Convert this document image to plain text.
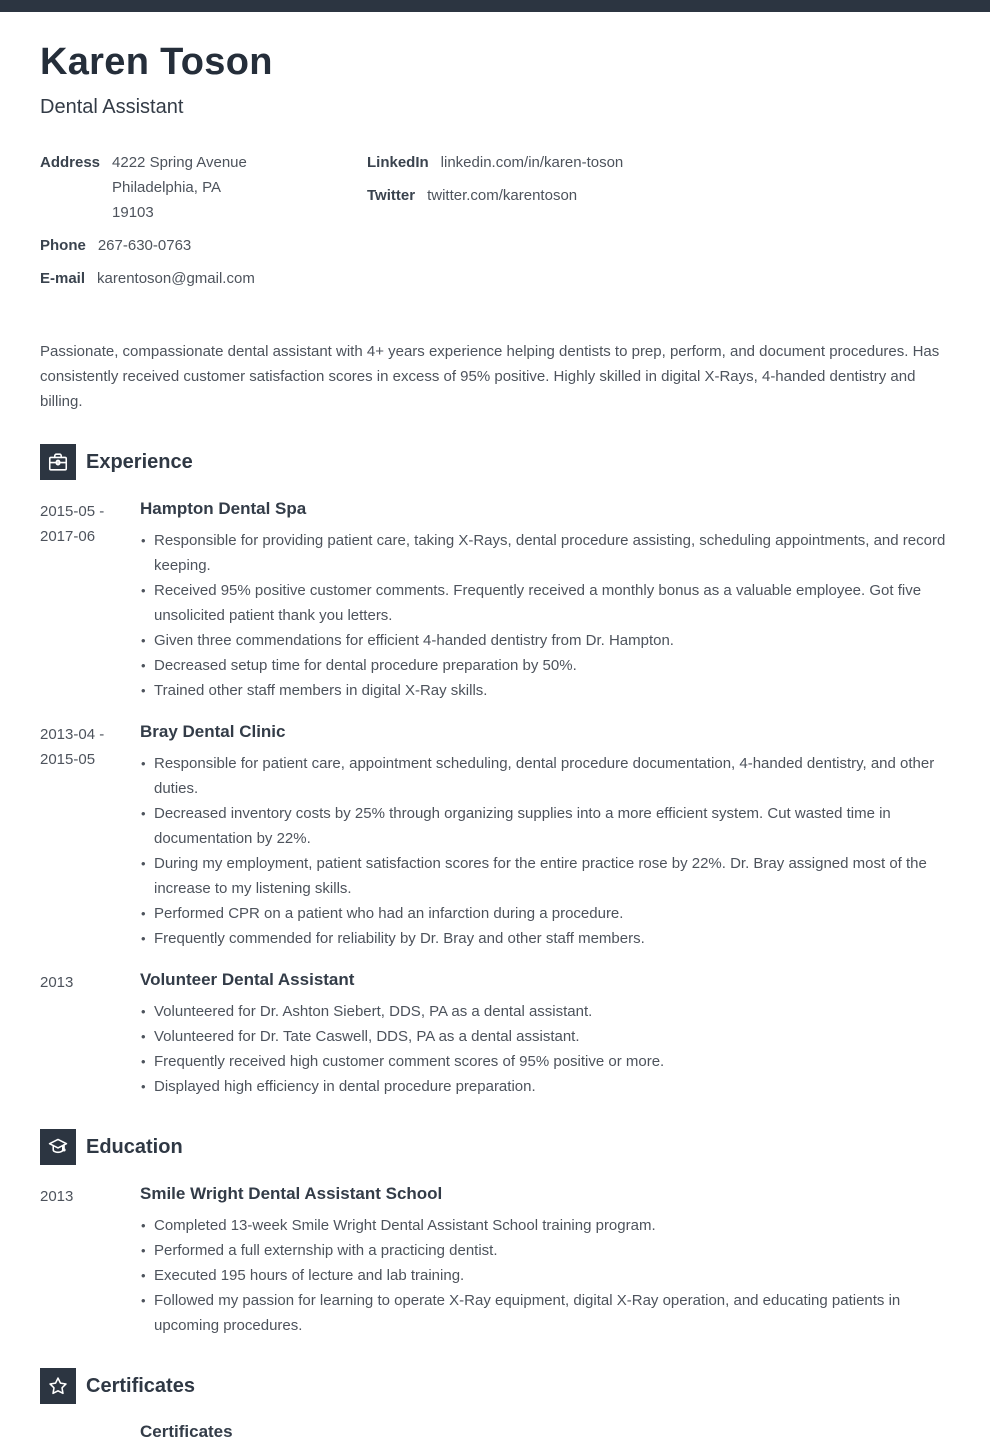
Karen Toson

Dental Assistant

Address 4222 Spring Avenue
Philadelphia, PA
19103
Phone 267-630-0763
E-mail karentoson@gmail.com
LinkedIn linkedin.com/in/karen-toson
Twitter twitter.com/karentoson

Passionate, compassionate dental assistant with 4+ years experience helping dentists to prep, perform, and document procedures. Has consistently received customer satisfaction scores in excess of 95% positive. Highly skilled in digital X-Rays, 4-handed dentistry and billing.

Experience
2015-05 -
2017-06
Hampton Dental Spa
• Responsible for providing patient care, taking X-Rays, dental procedure assisting, scheduling appointments, and record keeping.
• Received 95% positive customer comments. Frequently received a monthly bonus as a valuable employee. Got five unsolicited patient thank you letters.
• Given three commendations for efficient 4-handed dentistry from Dr. Hampton.
• Decreased setup time for dental procedure preparation by 50%.
• Trained other staff members in digital X-Ray skills.
2013-04 -
2015-05
Bray Dental Clinic
• Responsible for patient care, appointment scheduling, dental procedure documentation, 4-handed dentistry, and other duties.
• Decreased inventory costs by 25% through organizing supplies into a more efficient system. Cut wasted time in documentation by 22%.
• During my employment, patient satisfaction scores for the entire practice rose by 22%. Dr. Bray assigned most of the increase to my listening skills.
• Performed CPR on a patient who had an infarction during a procedure.
• Frequently commended for reliability by Dr. Bray and other staff members.
2013	Volunteer Dental Assistant
• Volunteered for Dr. Ashton Siebert, DDS, PA as a dental assistant.
• Volunteered for Dr. Tate Caswell, DDS, PA as a dental assistant.
• Frequently received high customer comment scores of 95% positive or more.
• Displayed high efficiency in dental procedure preparation.
Education
2013	Smile Wright Dental Assistant School
• Completed 13-week Smile Wright Dental Assistant School training program.
• Performed a full externship with a practicing dentist.
• Executed 195 hours of lecture and lab training.
• Followed my passion for learning to operate X-Ray equipment, digital X-Ray operation, and educating patients in upcoming procedures.
Certificates
Certificates
